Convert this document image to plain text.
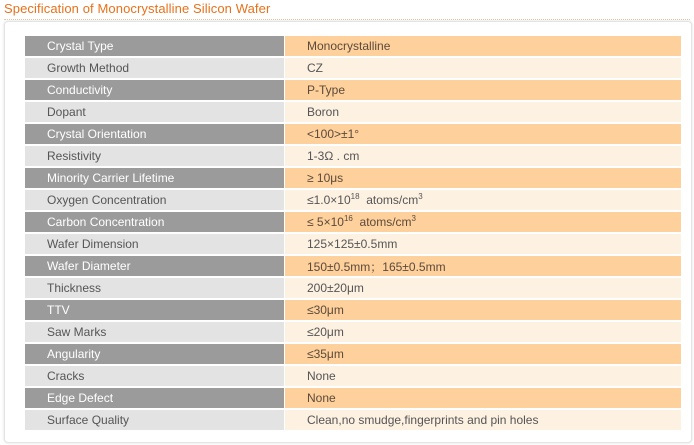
Specification of Monocrystalline Silicon Wafer
Crystal Type	Monocrystalline
Growth Method	CZ
Conductivity	P-Type
Dopant	Boron
Crystal Orientation	<100>±1°
Resistivity	1-3Ω . cm
Minority Carrier Lifetime	≥ 10μs
Oxygen Concentration	$\le 1.0\times 10^{18}$  atoms/$cm^3$
Carbon Concentration	≤ $5\times 10^{16}$  atoms/$cm^3$
Wafer Dimension	125×125±0.5mm
Wafer Diameter	150±0.5mm；165±0.5mm
Thickness	200±20μm
TTV	≤30μm
Saw Marks	≤20μm
Angularity	≤35μm
Cracks	None
Edge Defect	None
Surface Quality	Clean,no smudge,fingerprints and pin holes
